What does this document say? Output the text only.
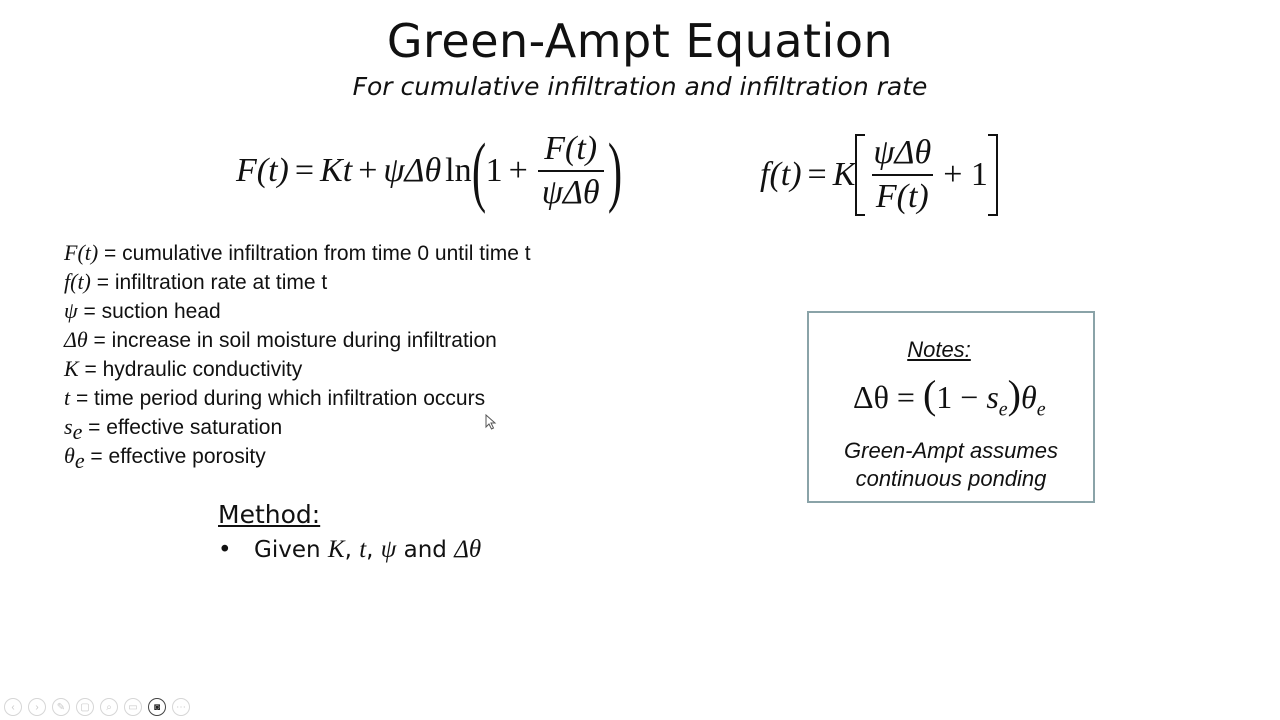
Green-Ampt Equation
For cumulative infiltration and infiltration rate
F(t) = K t + ψ Δθ ln ( $1 + \frac{F(t)}{\text{ψΔθ}}$ )	f(t) = K $\frac{\text{ψΔθ}}{F(t)} + 1$
F(t) = cumulative infiltration from time 0 until time t
f(t) = infiltration rate at time t
ψ = suction head
Δθ = increase in soil moisture during infiltration
K = hydraulic conductivity
t = time period during which infiltration occurs
$s_e$ = effective saturation
$\theta_e$ = effective porosity
Method:
• Given K, t, ψ and Δθ
Notes:
$\Delta\theta = (1 - s_e)\theta_e$
Green-Ampt assumes
continuous ponding
‹	›	✎	▢	⌕	▭	◙	⋯
